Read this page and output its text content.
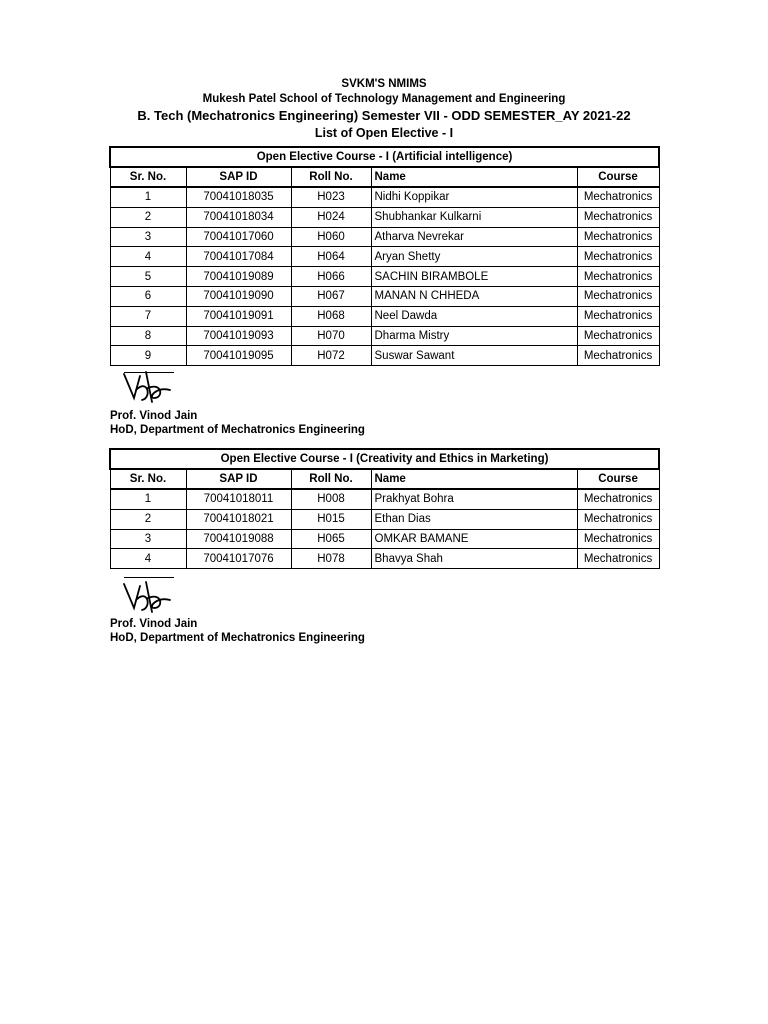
SVKM'S NMIMS
Mukesh Patel School of Technology Management and Engineering
B. Tech (Mechatronics Engineering) Semester VII - ODD SEMESTER_AY 2021-22
List of Open Elective - I
Open Elective Course - I (Artificial intelligence)				
Sr. No.	SAP ID	Roll No.	Name	Course
1	70041018035	H023	Nidhi Koppikar	Mechatronics
2	70041018034	H024	Shubhankar Kulkarni	Mechatronics
3	70041017060	H060	Atharva Nevrekar	Mechatronics
4	70041017084	H064	Aryan Shetty	Mechatronics
5	70041019089	H066	SACHIN BIRAMBOLE	Mechatronics
6	70041019090	H067	MANAN N CHHEDA	Mechatronics
7	70041019091	H068	Neel Dawda	Mechatronics
8	70041019093	H070	Dharma Mistry	Mechatronics
9	70041019095	H072	Suswar Sawant	Mechatronics
Prof. Vinod Jain
HoD, Department of Mechatronics Engineering
Open Elective Course - I (Creativity and Ethics in Marketing)				
Sr. No.	SAP ID	Roll No.	Name	Course
1	70041018011	H008	Prakhyat Bohra	Mechatronics
2	70041018021	H015	Ethan Dias	Mechatronics
3	70041019088	H065	OMKAR BAMANE	Mechatronics
4	70041017076	H078	Bhavya Shah	Mechatronics
Prof. Vinod Jain
HoD, Department of Mechatronics Engineering
